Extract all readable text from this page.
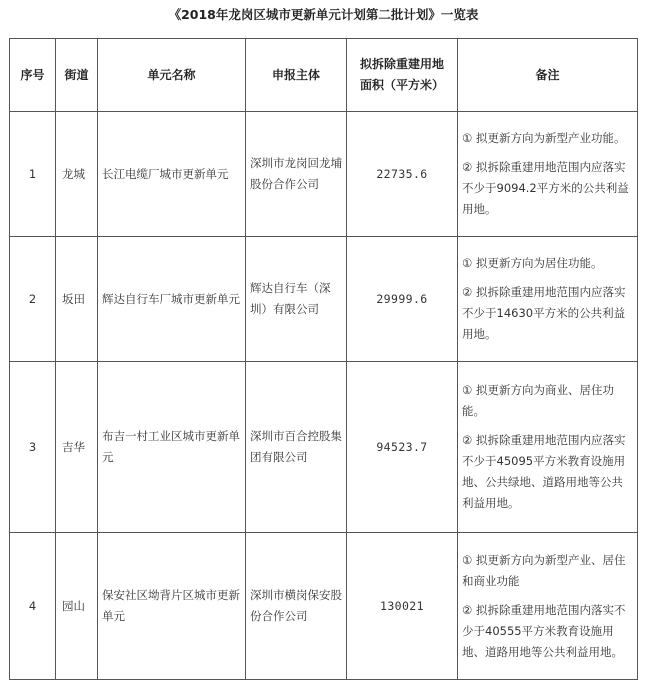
《2018年龙岗区城市更新单元计划第二批计划》一览表
序号	街道	单元名称	申报主体	拟拆除重建用地面积（平方米）	备注
1	龙城	长江电缆厂城市更新单元	深圳市龙岗回龙埔股份合作公司	22735.6	① 拟更新方向为新型产业功能。
② 拟拆除重建用地范围内应落实不少于9094.2平方米的公共利益用地。

2	坂田	辉达自行车厂城市更新单元	辉达自行车（深圳）有限公司	29999.6	① 拟更新方向为居住功能。
② 拟拆除重建用地范围内应落实不少于14630平方米的公共利益用地。

3	吉华	布吉一村工业区城市更新单元	深圳市百合控股集团有限公司	94523.7	① 拟更新方向为商业、居住功能。
② 拟拆除重建用地范围内应落实不少于45095平方米教育设施用地、公共绿地、道路用地等公共利益用地。

4	园山	保安社区坳背片区城市更新单元	深圳市横岗保安股份合作公司	130021	① 拟更新方向为新型产业、居住和商业功能
② 拟拆除重建用地范围内落实不少于40555平方米教育设施用地、道路用地等公共利益用地。
